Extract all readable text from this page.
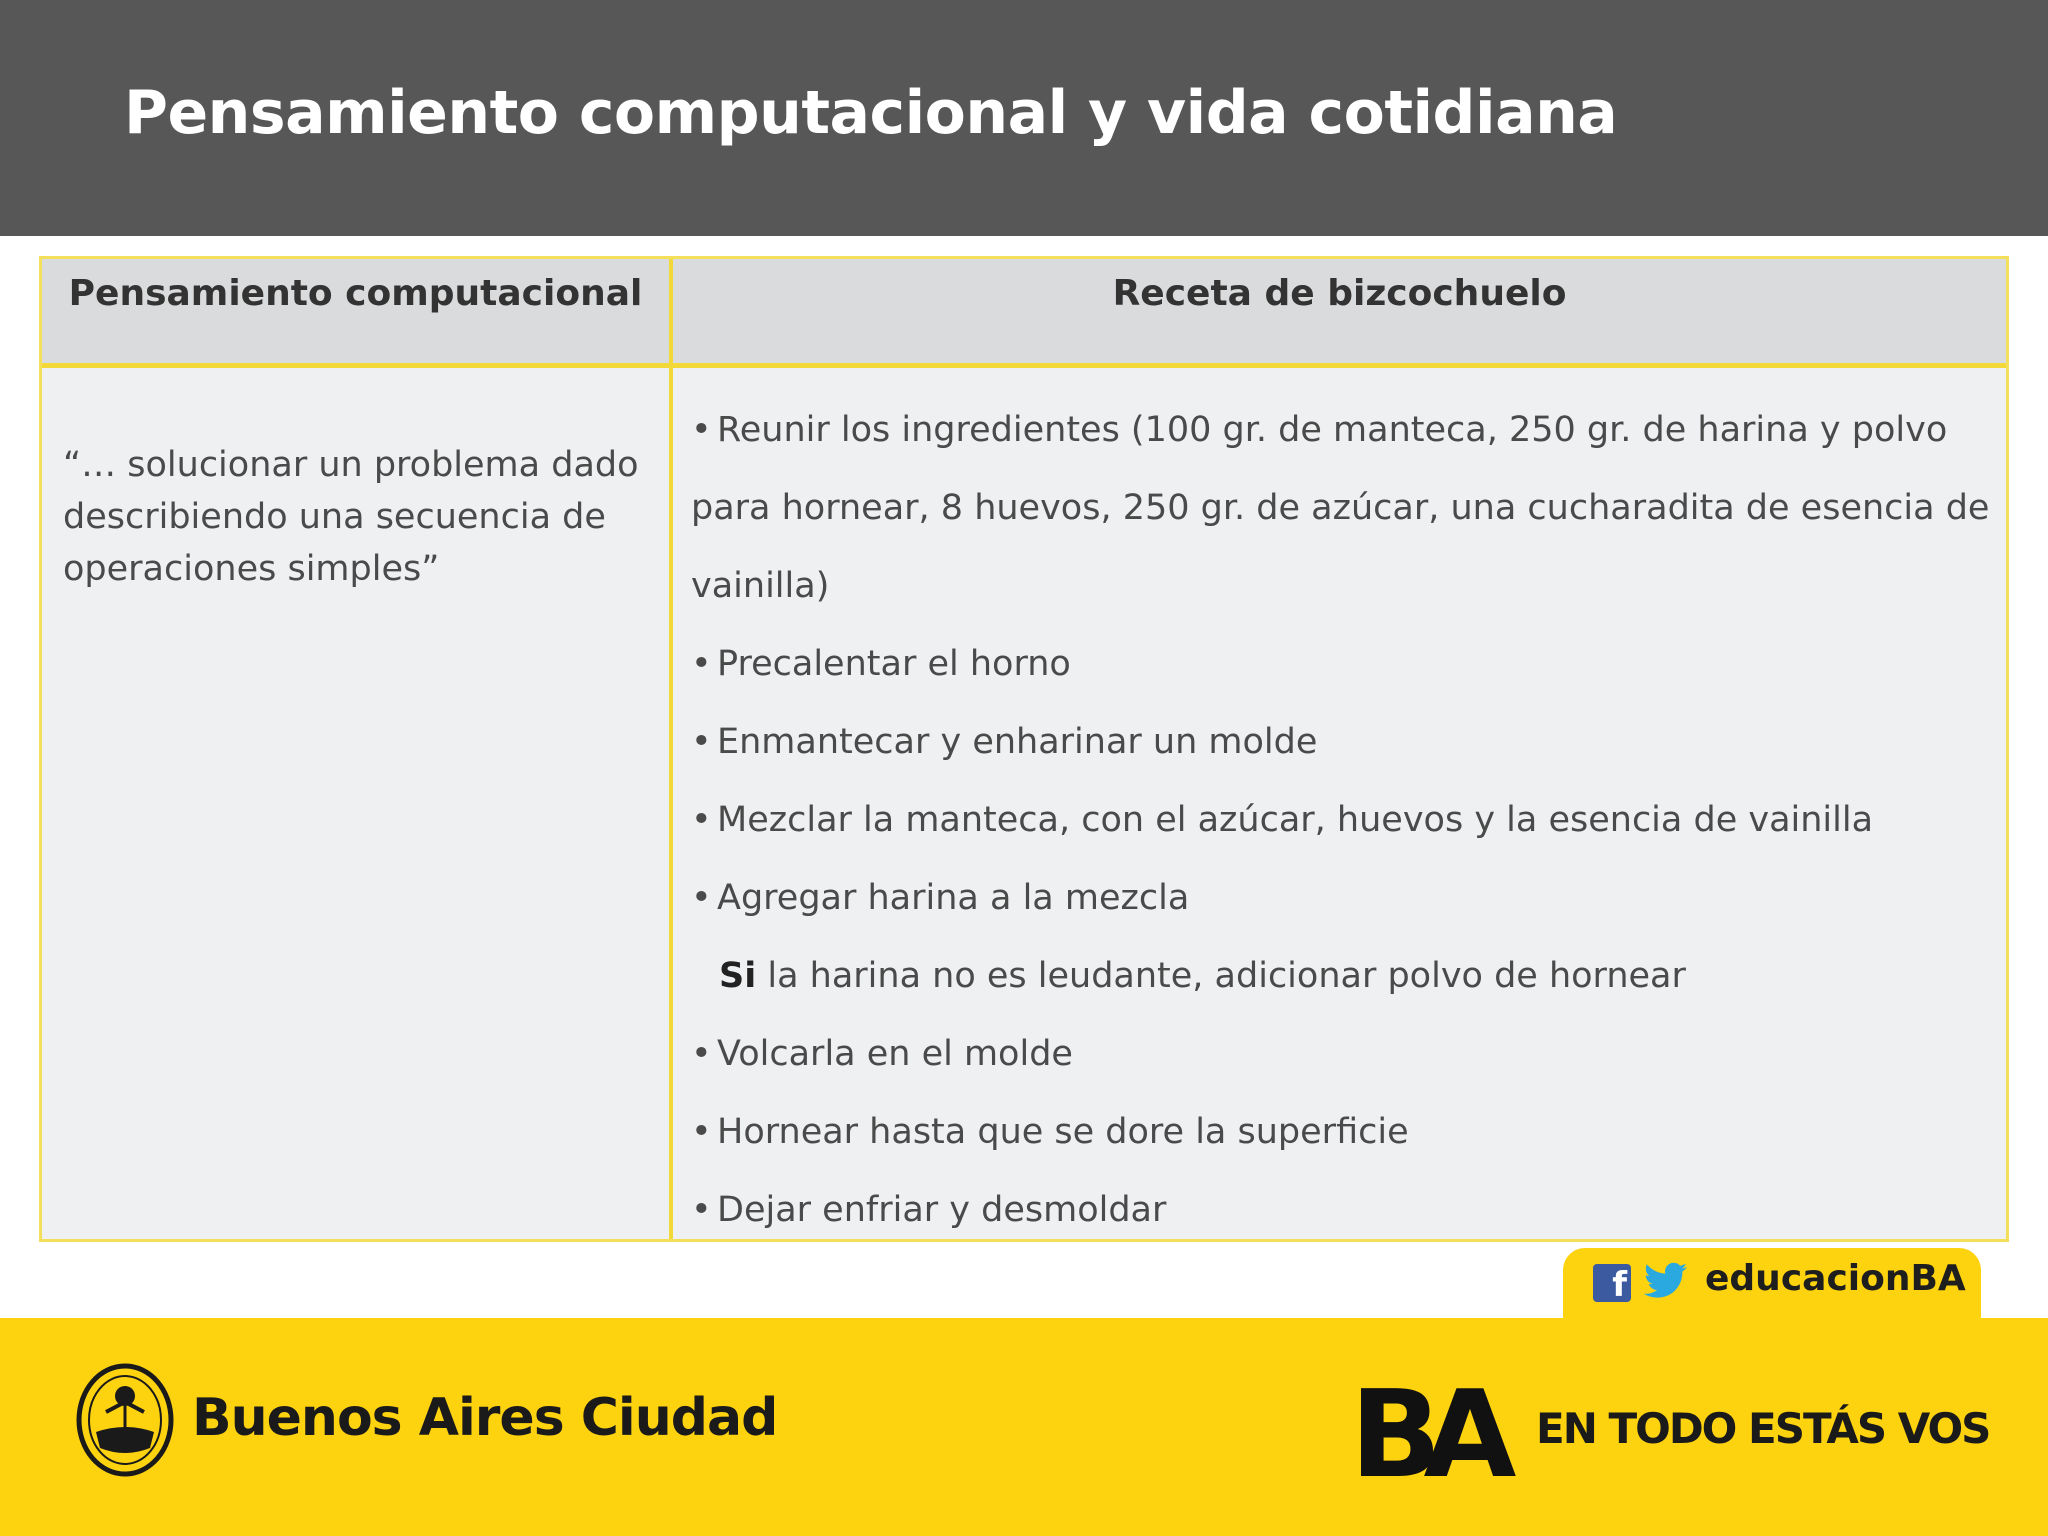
Pensamiento computacional y vida cotidiana
Pensamiento computacional	Receta de bizcochuelo
“… solucionar un problema dado describiendo una secuencia de operaciones simples”
• Reunir los ingredientes (100 gr. de manteca, 250 gr. de harina y polvo para hornear, 8 huevos, 250 gr. de azúcar, una cucharadita de esencia de vainilla)
• Precalentar el horno
• Enmantecar y enharinar un molde
• Mezclar la manteca, con el azúcar, huevos y la esencia de vainilla
• Agregar harina a la mezcla
Si la harina no es leudante, adicionar polvo de hornear
• Volcarla en el molde
• Hornear hasta que se dore la superficie
• Dejar enfriar y desmoldar
f educacionBA
Buenos Aires Ciudad	BA EN TODO ESTÁS VOS
